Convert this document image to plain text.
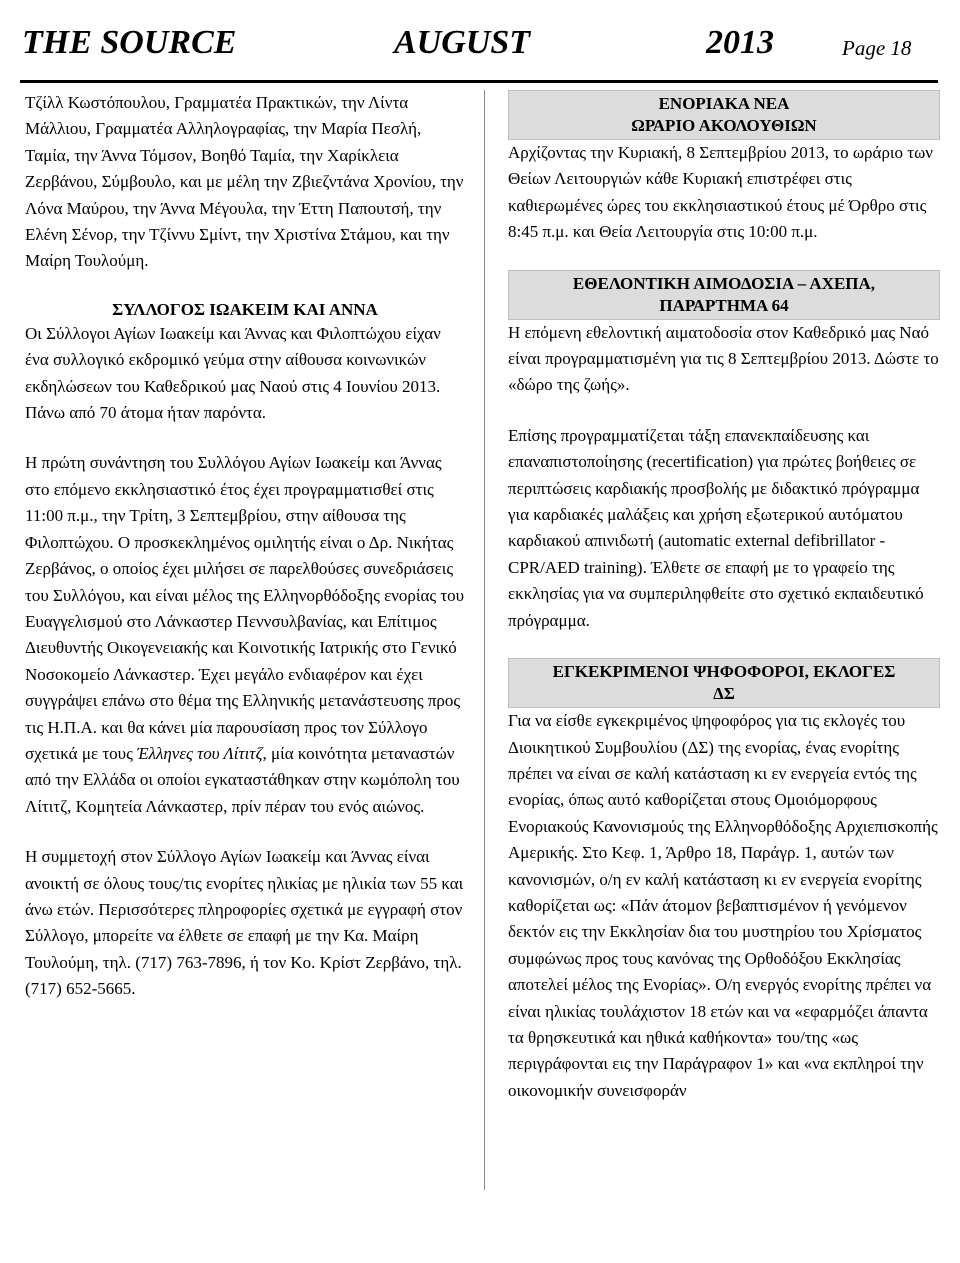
THE SOURCE	AUGUST	2013	Page 18

Τζίλλ Κωστόπουλου, Γραμματέα Πρακτικών, την Λίντα Μάλλιου, Γραμματέα Αλληλογραφίας, την Μαρία Πεσλή, Ταμία, την Άννα Τόμσον, Βοηθό Ταμία, την Χαρίκλεια Ζερβάνου, Σύμβουλο, και με μέλη την Ζβιεζντάνα Χρονίου, την Λόνα Μαύρου, την Άννα Μέγουλα, την Έττη Παπουτσή, την Ελένη Σένορ, την Τζίννυ Σμίντ, την Χριστίνα Στάμου, και την Μαίρη Τουλούμη.

ΣΥΛΛΟΓΟΣ ΙΩΑΚΕΙΜ ΚΑΙ ΑΝΝΑ

Οι Σύλλογοι Αγίων Ιωακείμ και Άννας και Φιλοπτώχου είχαν ένα συλλογικό εκδρομικό γεύμα στην αίθουσα κοινωνικών εκδηλώσεων του Καθεδρικού μας Ναού στις 4 Ιουνίου 2013. Πάνω από 70 άτομα ήταν παρόντα.

Η πρώτη συνάντηση του Συλλόγου Αγίων Ιωακείμ και Άννας στο επόμενο εκκλησιαστικό έτος έχει προγραμματισθεί στις 11:00 π.μ., την Τρίτη, 3 Σεπτεμβρίου, στην αίθουσα της Φιλοπτώχου. Ο προσκεκλημένος ομιλητής είναι ο Δρ. Νικήτας Ζερβάνος, ο οποίος έχει μιλήσει σε παρελθούσες συνεδριάσεις του Συλλόγου, και είναι μέλος της Ελληνορθόδοξης ενορίας του Ευαγγελισμού στο Λάνκαστερ Πεννσυλβανίας, και Επίτιμος Διευθυντής Οικογενειακής και Κοινοτικής Ιατρικής στο Γενικό Νοσοκομείο Λάνκαστερ. Έχει μεγάλο ενδιαφέρον και έχει συγγράψει επάνω στο θέμα της Ελληνικής μετανάστευσης προς τις Η.Π.Α. και θα κάνει μία παρουσίαση προς τον Σύλλογο σχετικά με τους Έλληνες του Λίτιτζ, μία κοινότητα μεταναστών από την Ελλάδα οι οποίοι εγκαταστάθηκαν στην κωμόπολη του Λίτιτζ, Κομητεία Λάνκαστερ, πρίν πέραν του ενός αιώνος.

Η συμμετοχή στον Σύλλογο Αγίων Ιωακείμ και Άννας είναι ανοικτή σε όλους τους/τις ενορίτες ηλικίας με ηλικία των 55 και άνω ετών. Περισσότερες πληροφορίες σχετικά με εγγραφή στον Σύλλογο, μπορείτε να έλθετε σε επαφή με την Κα. Μαίρη Τουλούμη, τηλ. (717) 763-7896, ή τον Κο. Κρίστ Ζερβάνο, τηλ. (717) 652-5665.

ΕΝΟΡΙΑΚΑ ΝΕΑ
ΩΡΑΡΙΟ ΑΚΟΛΟΥΘΙΩΝ

Αρχίζοντας την Κυριακή, 8 Σεπτεμβρίου 2013, το ωράριο των Θείων Λειτουργιών κάθε Κυριακή επιστρέφει στις καθιερωμένες ώρες του εκκλησιαστικού έτους μέ Όρθρο στις 8:45 π.μ. και Θεία Λειτουργία στις 10:00 π.μ.

ΕΘΕΛΟΝΤΙΚΗ ΑΙΜΟΔΟΣΙΑ – ΑΧΕΠΑ,
ΠΑΡΑΡΤΗΜΑ 64

Η επόμενη εθελοντική αιματοδοσία στον Καθεδρικό μας Ναό είναι προγραμματισμένη για τις 8 Σεπτεμβρίου 2013. Δώστε το «δώρο της ζωής».

Επίσης προγραμματίζεται τάξη επανεκπαίδευσης και επαναπιστοποίησης (recertification) για πρώτες βοήθειες σε περιπτώσεις καρδιακής προσβολής με διδακτικό πρόγραμμα για καρδιακές μαλάξεις και χρήση εξωτερικού αυτόματου καρδιακού απινιδωτή (automatic external defibrillator - CPR/AED training). Έλθετε σε επαφή με το γραφείο της εκκλησίας για να συμπεριληφθείτε στο σχετικό εκπαιδευτικό πρόγραμμα.

ΕΓΚΕΚΡΙΜΕΝΟΙ ΨΗΦΟΦΟΡΟΙ, ΕΚΛΟΓΕΣ
ΔΣ

Για να είσθε εγκεκριμένος ψηφοφόρος για τις εκλογές του Διοικητικού Συμβουλίου (ΔΣ) της ενορίας, ένας ενορίτης πρέπει να είναι σε καλή κατάσταση κι εν ενεργεία εντός της ενορίας, όπως αυτό καθορίζεται στους Ομοιόμορφους Ενοριακούς Κανονισμούς της Ελληνορθόδοξης Αρχιεπισκοπής Αμερικής. Στο Κεφ. 1, Άρθρο 18, Παράγρ. 1, αυτών των κανονισμών, ο/η εν καλή κατάσταση κι εν ενεργεία ενορίτης καθορίζεται ως: «Πάν άτομον βεβαπτισμένον ή γενόμενον δεκτόν εις την Εκκλησίαν δια του μυστηρίου του Χρίσματος συμφώνως προς τους κανόνας της Ορθοδόξου Εκκλησίας αποτελεί μέλος της Ενορίας». Ο/η ενεργός ενορίτης πρέπει να είναι ηλικίας τουλάχιστον 18 ετών και να «εφαρμόζει άπαντα τα θρησκευτικά και ηθικά καθήκοντα» του/της «ως περιγράφονται εις την Παράγραφον 1» και «να εκπληροί την οικονομικήν συνεισφοράν
